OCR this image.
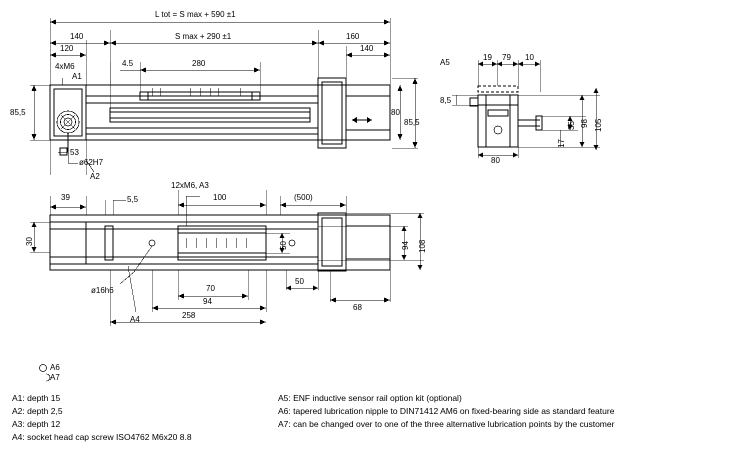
L tot = S max + 590 ±1
S max + 290 ±1
140
120
4xM6
A1
4.5	280
160
140
85,5	80
85,5
53
ø62H7
A2
A5
19 79 10
8,5
98 105
35
17
80
39	5,5
12xM6, A3
100	(500)
30
ø16h6
50	94 108
70
94
258
50
68
A4
A6
A7
A1: depth 15
A2: depth 2,5
A3: depth 12
A4: socket head cap screw ISO4762 M6x20 8.8
A5: ENF inductive sensor rail option kit (optional)
A6: tapered lubrication nipple to DIN71412 AM6 on fixed-bearing side as standard feature
A7: can be changed over to one of the three alternative lubrication points by the customer
